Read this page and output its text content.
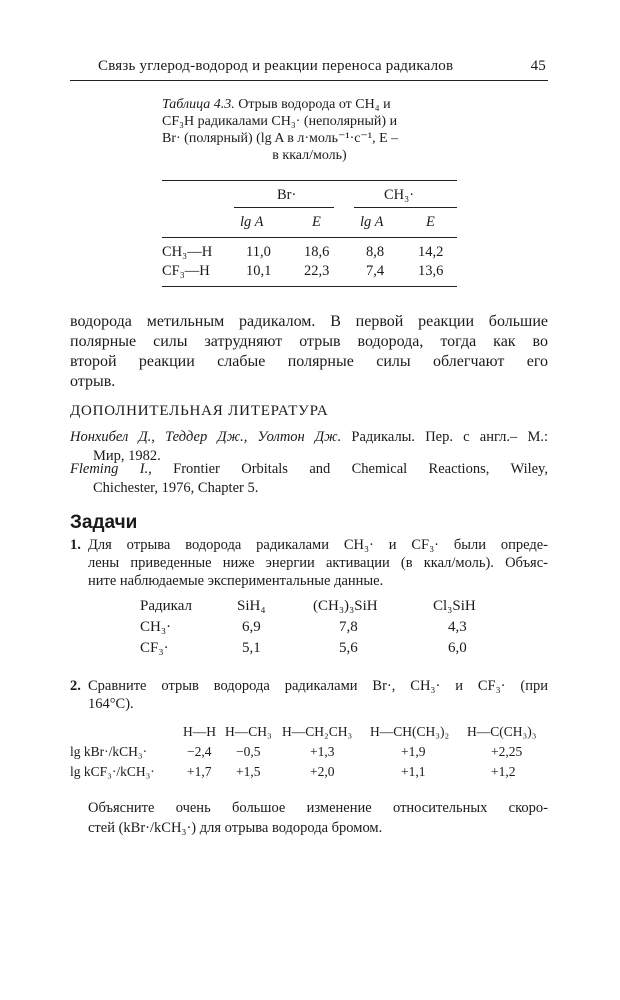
Связь углерод-водород и реакции переноса радикалов	45
Таблица 4.3. Отрыв водорода от CH₄ и
CF₃H радикалами CH₃· (неполярный) и
Br· (полярный) (lg A в л·моль⁻¹·с⁻¹, E –
в ккал/моль)
Br·	CH₃·
lg A	E	lg A	E
CH₃—H 11,0 18,6	8,8 14,2
CF₃—H 10,1 22,3	7,4 13,6
водорода метильным радикалом. В первой реакции большие
полярные силы затрудняют отрыв водорода, тогда как во
второй реакции слабые полярные силы облегчают его
отрыв.
ДОПОЛНИТЕЛЬНАЯ ЛИТЕРАТУРА
Нонхибел Д., Теддер Дж., Уолтон Дж. Радикалы. Пер. с англ.– М.:
Мир, 1982.
Fleming I., Frontier Orbitals and Chemical Reactions, Wiley,
Chichester, 1976, Chapter 5.
Задачи
1. Для отрыва водорода радикалами CH₃· и CF₃· были опреде-
лены приведенные ниже энергии активации (в ккал/моль). Объяс-
ните наблюдаемые экспериментальные данные.
Радикал	SiH₄	(CH₃)₃SiH	Cl₃SiH
CH₃·	6,9	7,8	4,3
CF₃·	5,1	5,6	6,0
2. Сравните отрыв водорода радикалами Br·, CH₃· и CF₃· (при
164°C).
H—H H—CH₃ H—CH₂CH₃ H—CH(CH₃)₂ H—C(CH₃)₃
lg kBr·/kCH₃·	−2,4 −0,5	+1,3	+1,9	+2,25
lg kCF₃·/kCH₃· +1,7 +1,5	+2,0	+1,1	+1,2
Объясните очень большое изменение относительных скоро-
стей (kBr·/kCH₃·) для отрыва водорода бромом.
